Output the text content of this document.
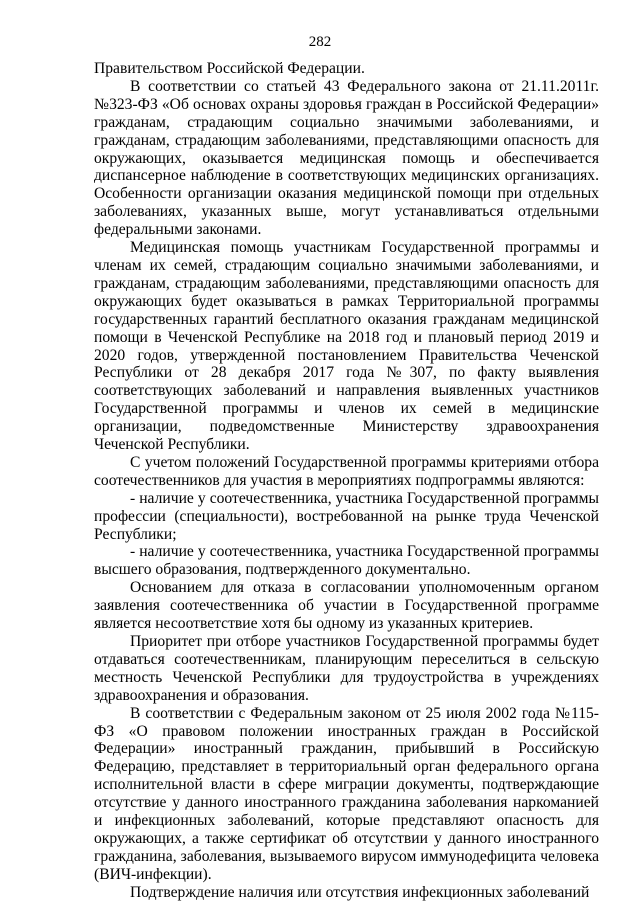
282

Правительством Российской Федерации.

В соответствии со статьей 43 Федерального закона от 21.11.2011г. №323-ФЗ «Об основах охраны здоровья граждан в Российской Федерации» гражданам, страдающим социально значимыми заболеваниями, и гражданам, страдающим заболеваниями, представляющими опасность для окружающих, оказывается медицинская помощь и обеспечивается диспансерное наблюдение в соответствующих медицинских организациях. Особенности организации оказания медицинской помощи при отдельных заболеваниях, указанных выше, могут устанавливаться отдельными федеральными законами.

Медицинская помощь участникам Государственной программы и членам их семей, страдающим социально значимыми заболеваниями, и гражданам, страдающим заболеваниями, представляющими опасность для окружающих будет оказываться в рамках Территориальной программы государственных гарантий бесплатного оказания гражданам медицинской помощи в Чеченской Республике на 2018 год и плановый период 2019 и 2020 годов, утвержденной постановлением Правительства Чеченской Республики от 28 декабря 2017 года №307, по факту выявления соответствующих заболеваний и направления выявленных участников Государственной программы и членов их семей в медицинские организации, подведомственные Министерству здравоохранения Чеченской Республики.

С учетом положений Государственной программы критериями отбора соотечественников для участия в мероприятиях подпрограммы являются:

- наличие у соотечественника, участника Государственной программы профессии (специальности), востребованной на рынке труда Чеченской Республики;

- наличие у соотечественника, участника Государственной программы высшего образования, подтвержденного документально.

Основанием для отказа в согласовании уполномоченным органом заявления соотечественника об участии в Государственной программе является несоответствие хотя бы одному из указанных критериев.

Приоритет при отборе участников Государственной программы будет отдаваться соотечественникам, планирующим переселиться в сельскую местность Чеченской Республики для трудоустройства в учреждениях здравоохранения и образования.

В соответствии с Федеральным законом от 25 июля 2002 года №115-ФЗ «О правовом положении иностранных граждан в Российской Федерации» иностранный гражданин, прибывший в Российскую Федерацию, представляет в территориальный орган федерального органа исполнительной власти в сфере миграции документы, подтверждающие отсутствие у данного иностранного гражданина заболевания наркоманией и инфекционных заболеваний, которые представляют опасность для окружающих, а также сертификат об отсутствии у данного иностранного гражданина, заболевания, вызываемого вирусом иммунодефицита человека (ВИЧ-инфекции).

Подтверждение наличия или отсутствия инфекционных заболеваний
